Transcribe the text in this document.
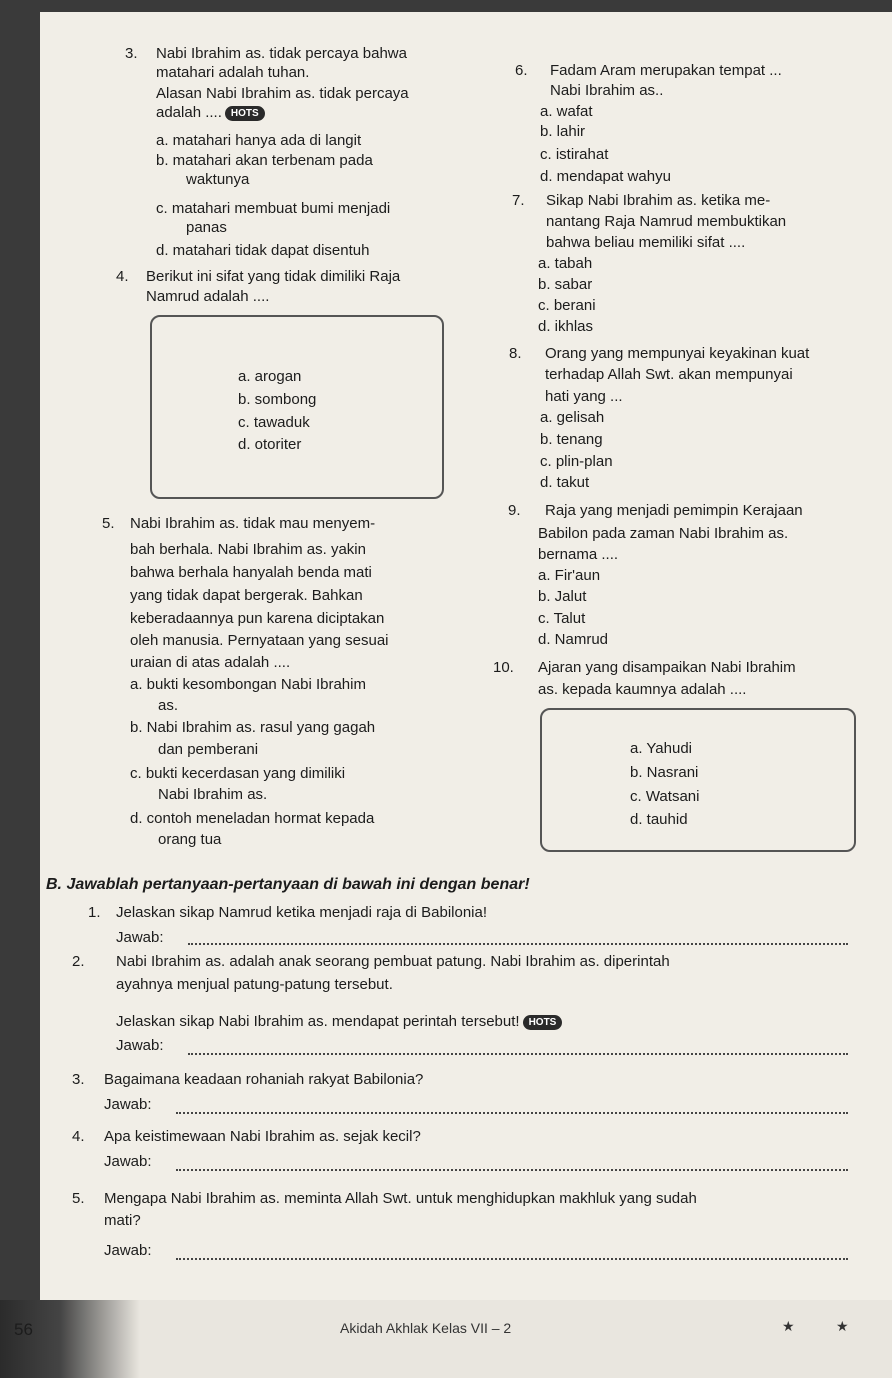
3. Nabi Ibrahim as. tidak percaya bahwa
matahari adalah tuhan.
Alasan Nabi Ibrahim as. tidak percaya
adalah .... HOTS
a. matahari hanya ada di langit
b. matahari akan terbenam pada
waktunya
c. matahari membuat bumi menjadi
panas
d. matahari tidak dapat disentuh
4. Berikut ini sifat yang tidak dimiliki Raja
Namrud adalah ....
a. arogan
b. sombong
c. tawaduk
d. otoriter
5. Nabi Ibrahim as. tidak mau menyem-
bah berhala. Nabi Ibrahim as. yakin
bahwa berhala hanyalah benda mati
yang tidak dapat bergerak. Bahkan
keberadaannya pun karena diciptakan
oleh manusia. Pernyataan yang sesuai
uraian di atas adalah ....
a. bukti kesombongan Nabi Ibrahim
as.
b. Nabi Ibrahim as. rasul yang gagah
dan pemberani
c. bukti kecerdasan yang dimiliki
Nabi Ibrahim as.
d. contoh meneladan hormat kepada
orang tua
6. Fadam Aram merupakan tempat ...
Nabi Ibrahim as..
a. wafat
b. lahir
c. istirahat
d. mendapat wahyu
7. Sikap Nabi Ibrahim as. ketika me-
nantang Raja Namrud membuktikan
bahwa beliau memiliki sifat ....
a. tabah
b. sabar
c. berani
d. ikhlas
8. Orang yang mempunyai keyakinan kuat
terhadap Allah Swt. akan mempunyai
hati yang ...
a. gelisah
b. tenang
c. plin-plan
d. takut
9. Raja yang menjadi pemimpin Kerajaan
Babilon pada zaman Nabi Ibrahim as.
bernama ....
a. Fir'aun
b. Jalut
c. Talut
d. Namrud
10. Ajaran yang disampaikan Nabi Ibrahim
as. kepada kaumnya adalah ....
a. Yahudi
b. Nasrani
c. Watsani
d. tauhid
B. Jawablah pertanyaan-pertanyaan di bawah ini dengan benar!
1. Jelaskan sikap Namrud ketika menjadi raja di Babilonia!
Jawab:
2. Nabi Ibrahim as. adalah anak seorang pembuat patung. Nabi Ibrahim as. diperintah
ayahnya menjual patung-patung tersebut.
Jelaskan sikap Nabi Ibrahim as. mendapat perintah tersebut! HOTS
Jawab:
3. Bagaimana keadaan rohaniah rakyat Babilonia?
Jawab:
4. Apa keistimewaan Nabi Ibrahim as. sejak kecil?
Jawab:
5. Mengapa Nabi Ibrahim as. meminta Allah Swt. untuk menghidupkan makhluk yang sudah
mati?
Jawab:
56	Akidah Akhlak Kelas VII – 2	★	★
